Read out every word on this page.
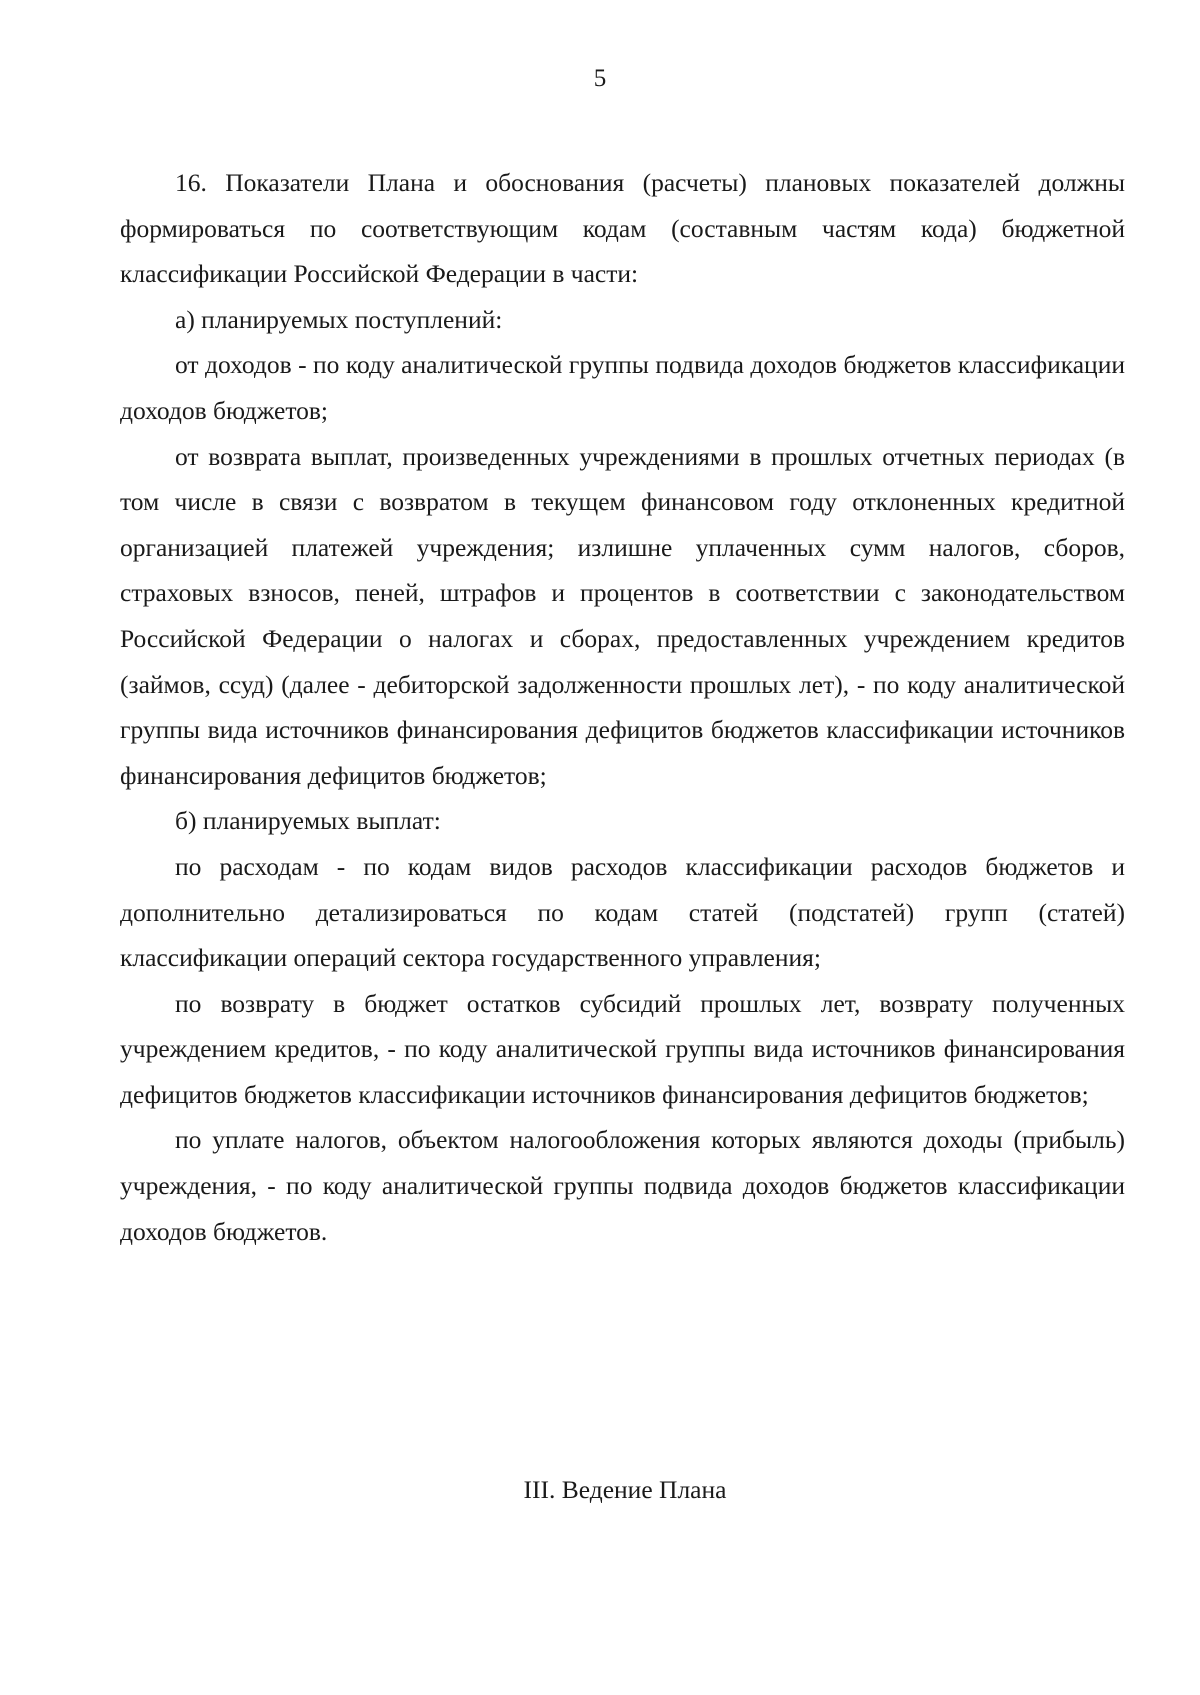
5

16. Показатели Плана и обоснования (расчеты) плановых показателей должны формироваться по соответствующим кодам (составным частям кода) бюджетной классификации Российской Федерации в части:

а) планируемых поступлений:

от доходов - по коду аналитической группы подвида доходов бюджетов классификации доходов бюджетов;

от возврата выплат, произведенных учреждениями в прошлых отчетных периодах (в том числе в связи с возвратом в текущем финансовом году отклоненных кредитной организацией платежей учреждения; излишне уплаченных сумм налогов, сборов, страховых взносов, пеней, штрафов и процентов в соответствии с законодательством Российской Федерации о налогах и сборах, предоставленных учреждением кредитов (займов, ссуд) (далее - дебиторской задолженности прошлых лет), - по коду аналитической группы вида источников финансирования дефицитов бюджетов классификации источников финансирования дефицитов бюджетов;

б) планируемых выплат:

по расходам - по кодам видов расходов классификации расходов бюджетов и дополнительно детализироваться по кодам статей (подстатей) групп (статей) классификации операций сектора государственного управления;

по возврату в бюджет остатков субсидий прошлых лет, возврату полученных учреждением кредитов, - по коду аналитической группы вида источников финансирования дефицитов бюджетов классификации источников финансирования дефицитов бюджетов;

по уплате налогов, объектом налогообложения которых являются доходы (прибыль) учреждения, - по коду аналитической группы подвида доходов бюджетов классификации доходов бюджетов.

III. Ведение Плана
